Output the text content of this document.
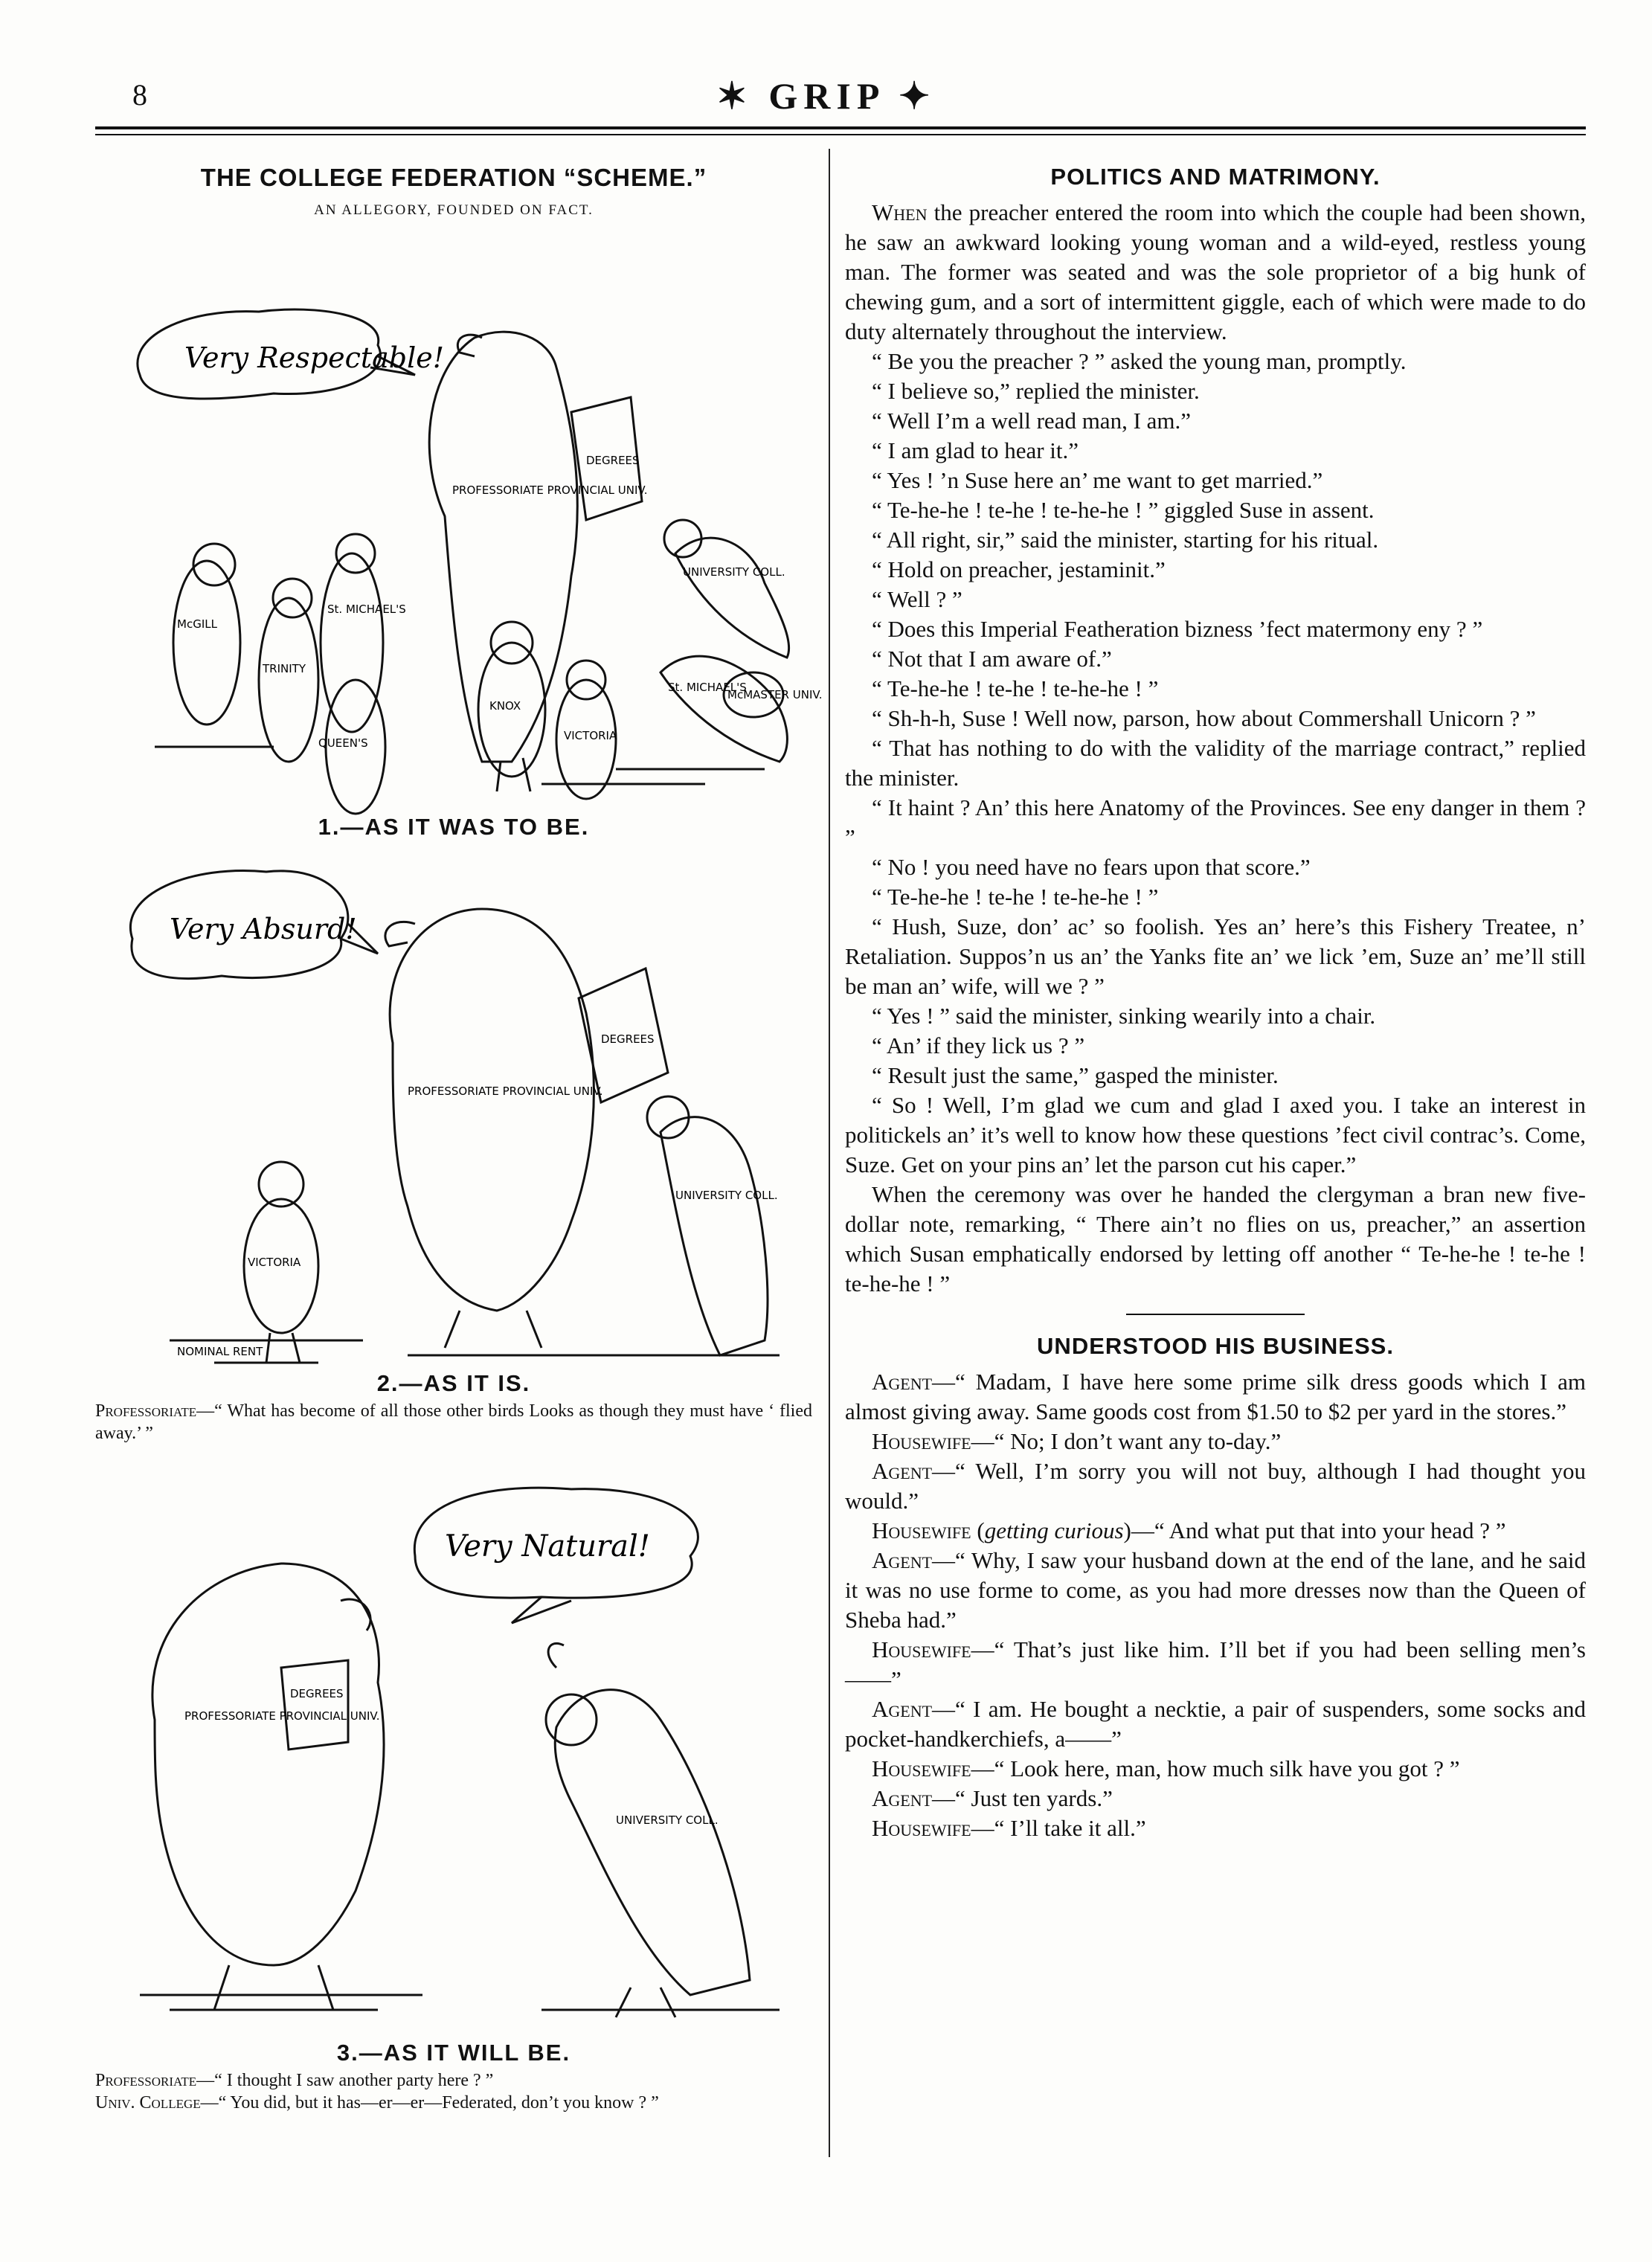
8	✶ GRIP ✦
THE COLLEGE FEDERATION “SCHEME.”
AN ALLEGORY, FOUNDED ON FACT.
Very Respectable!
PROFESSORIATE PROVINCIAL UNIV.
DEGREES
McGILL
TRINITY
QUEEN'S
St. MICHAEL'S
KNOX
VICTORIA
UNIVERSITY COLL.
St. MICHAEL'S
McMASTER UNIV.
1.—AS IT WAS TO BE.
Very Absurd!
PROFESSORIATE PROVINCIAL UNIV.
DEGREES
VICTORIA
UNIVERSITY COLL.
NOMINAL RENT
2.—AS IT IS.
Professoriate—“ What has become of all those other birds Looks as though they must have ‘ flied away.’ ”
Very Natural!
PROFESSORIATE PROVINCIAL UNIV.
DEGREES
UNIVERSITY COLL.
3.—AS IT WILL BE.
Professoriate—“ I thought I saw another party here ? ”
Univ. College—“ You did, but it has—er—er—Federated, don’t you know ? ”
POLITICS AND MATRIMONY.

When the preacher entered the room into which the couple had been shown, he saw an awkward looking young woman and a wild-eyed, restless young man. The former was seated and was the sole proprietor of a big hunk of chewing gum, and a sort of intermittent giggle, each of which were made to do duty alternately throughout the interview.

“ Be you the preacher ? ” asked the young man, promptly.

“ I believe so,” replied the minister.

“ Well I’m a well read man, I am.”

“ I am glad to hear it.”

“ Yes ! ’n Suse here an’ me want to get married.”

“ Te-he-he ! te-he ! te-he-he ! ” giggled Suse in assent.

“ All right, sir,” said the minister, starting for his ritual.

“ Hold on preacher, jestaminit.”

“ Well ? ”

“ Does this Imperial Featheration bizness ’fect matermony eny ? ”

“ Not that I am aware of.”

“ Te-he-he ! te-he ! te-he-he ! ”

“ Sh-h-h, Suse ! Well now, parson, how about Commershall Unicorn ? ”

“ That has nothing to do with the validity of the marriage contract,” replied the minister.

“ It haint ? An’ this here Anatomy of the Provinces. See eny danger in them ? ”

“ No ! you need have no fears upon that score.”

“ Te-he-he ! te-he ! te-he-he ! ”

“ Hush, Suze, don’ ac’ so foolish. Yes an’ here’s this Fishery Treatee, n’ Retaliation. Suppos’n us an’ the Yanks fite an’ we lick ’em, Suze an’ me’ll still be man an’ wife, will we ? ”

“ Yes ! ” said the minister, sinking wearily into a chair.

“ An’ if they lick us ? ”

“ Result just the same,” gasped the minister.

“ So ! Well, I’m glad we cum and glad I axed you. I take an interest in politickels an’ it’s well to know how these questions ’fect civil contrac’s. Come, Suze. Get on your pins an’ let the parson cut his caper.”

When the ceremony was over he handed the clergyman a bran new five-dollar note, remarking, “ There ain’t no flies on us, preacher,” an assertion which Susan emphatically endorsed by letting off another “ Te-he-he ! te-he ! te-he-he ! ”

UNDERSTOOD HIS BUSINESS.

Agent—“ Madam, I have here some prime silk dress goods which I am almost giving away. Same goods cost from $1.50 to $2 per yard in the stores.”

Housewife—“ No; I don’t want any to-day.”

Agent—“ Well, I’m sorry you will not buy, although I had thought you would.”

Housewife (getting curious)—“ And what put that into your head ? ”

Agent—“ Why, I saw your husband down at the end of the lane, and he said it was no use forme to come, as you had more dresses now than the Queen of Sheba had.”

Housewife—“ That’s just like him. I’ll bet if you had been selling men’s——”

Agent—“ I am. He bought a necktie, a pair of suspenders, some socks and pocket-handkerchiefs, a——”

Housewife—“ Look here, man, how much silk have you got ? ”

Agent—“ Just ten yards.”

Housewife—“ I’ll take it all.”
